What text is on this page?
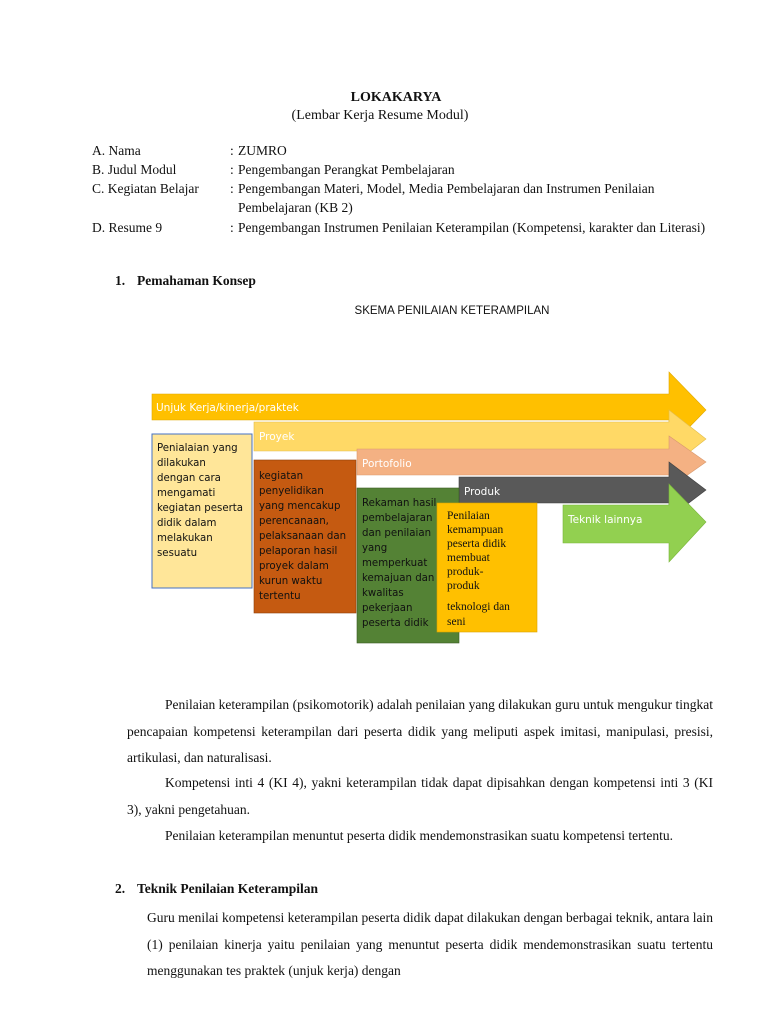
LOKAKARYA
(Lembar Kerja Resume Modul)
A. Nama	: ZUMRO
B. Judul Modul	: Pengembangan Perangkat Pembelajaran
C. Kegiatan Belajar : Pengembangan Materi, Model, Media Pembelajaran dan Instrumen Penilaian Pembelajaran (KB 2)
D. Resume 9	: Pengembangan Instrumen Penilaian Keterampilan (Kompetensi, karakter dan Literasi)
1. Pemahaman Konsep
SKEMA PENILAIAN KETERAMPILAN
Unjuk Kerja/kinerja/praktek
Proyek
Portofolio
Produk
Teknik lainnya
Penialaian yang dilakukan dengan cara mengamati kegiatan peserta didik dalam melakukan sesuatu
kegiatan penyelidikan yang mencakup perencanaan, pelaksanaan dan pelaporan hasil proyek dalam kurun waktu tertentu
Rekaman hasil pembelajaran dan penilaian yang memperkuat kemajuan dan kwalitas pekerjaan peserta didik
Penilaian kemampuan peserta didik membuat produk- produk teknologi dan seni
Penilaian keterampilan (psikomotorik) adalah penilaian yang dilakukan guru untuk mengukur tingkat pencapaian kompetensi keterampilan dari peserta didik yang meliputi aspek imitasi, manipulasi, presisi, artikulasi, dan naturalisasi.
Kompetensi inti 4 (KI 4), yakni keterampilan tidak dapat dipisahkan dengan kompetensi inti 3 (KI 3), yakni pengetahuan.
Penilaian keterampilan menuntut peserta didik mendemonstrasikan suatu kompetensi tertentu.
2. Teknik Penilaian Keterampilan
Guru menilai kompetensi keterampilan peserta didik dapat dilakukan dengan berbagai teknik, antara lain (1) penilaian kinerja yaitu penilaian yang menuntut peserta didik mendemonstrasikan suatu tertentu menggunakan tes praktek (unjuk kerja) dengan
